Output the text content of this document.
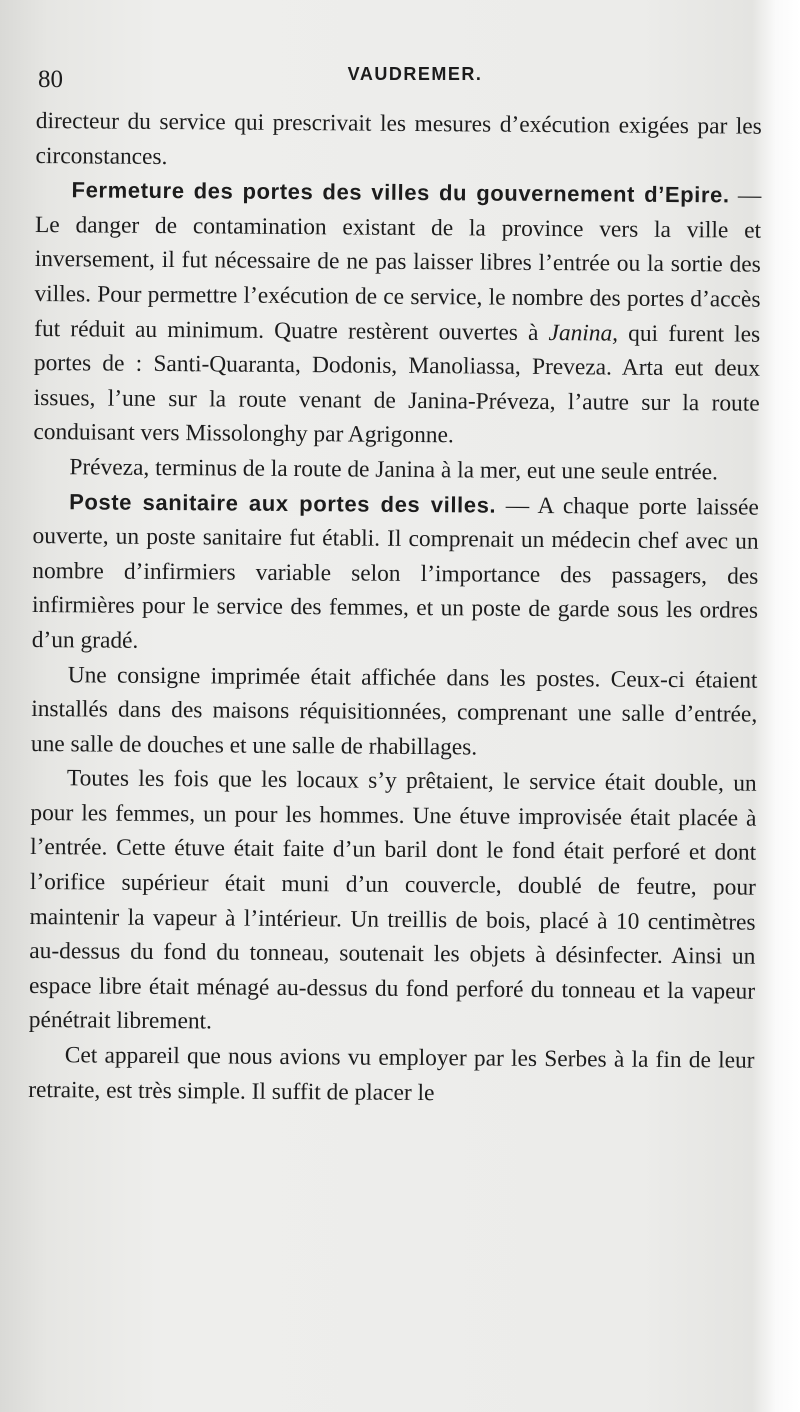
80	VAUDREMER.

directeur du service qui prescrivait les mesures d’exécution exigées par les circonstances.

Fermeture des portes des villes du gouvernement d’Epire. — Le danger de contamination existant de la province vers la ville et inversement, il fut nécessaire de ne pas laisser libres l’entrée ou la sortie des villes. Pour permettre l’exécution de ce service, le nombre des portes d’accès fut réduit au minimum. Quatre restèrent ouvertes à Janina, qui furent les portes de : Santi-Quaranta, Dodonis, Manoliassa, Preveza. Arta eut deux issues, l’une sur la route venant de Janina-Préveza, l’autre sur la route conduisant vers Missolonghy par Agrigonne.

Préveza, terminus de la route de Janina à la mer, eut une seule entrée.

Poste sanitaire aux portes des villes. — A chaque porte laissée ouverte, un poste sanitaire fut établi. Il comprenait un médecin chef avec un nombre d’infirmiers variable selon l’importance des passagers, des infirmières pour le service des femmes, et un poste de garde sous les ordres d’un gradé.

Une consigne imprimée était affichée dans les postes. Ceux-ci étaient installés dans des maisons réquisitionnées, comprenant une salle d’entrée, une salle de douches et une salle de rhabillages.

Toutes les fois que les locaux s’y prêtaient, le service était double, un pour les femmes, un pour les hommes. Une étuve improvisée était placée à l’entrée. Cette étuve était faite d’un baril dont le fond était perforé et dont l’orifice supérieur était muni d’un couvercle, doublé de feutre, pour maintenir la vapeur à l’intérieur. Un treillis de bois, placé à 10 centimètres au-dessus du fond du tonneau, soutenait les objets à désinfecter. Ainsi un espace libre était ménagé au-dessus du fond perforé du tonneau et la vapeur pénétrait librement.

Cet appareil que nous avions vu employer par les Serbes à la fin de leur retraite, est très simple. Il suffit de placer le
